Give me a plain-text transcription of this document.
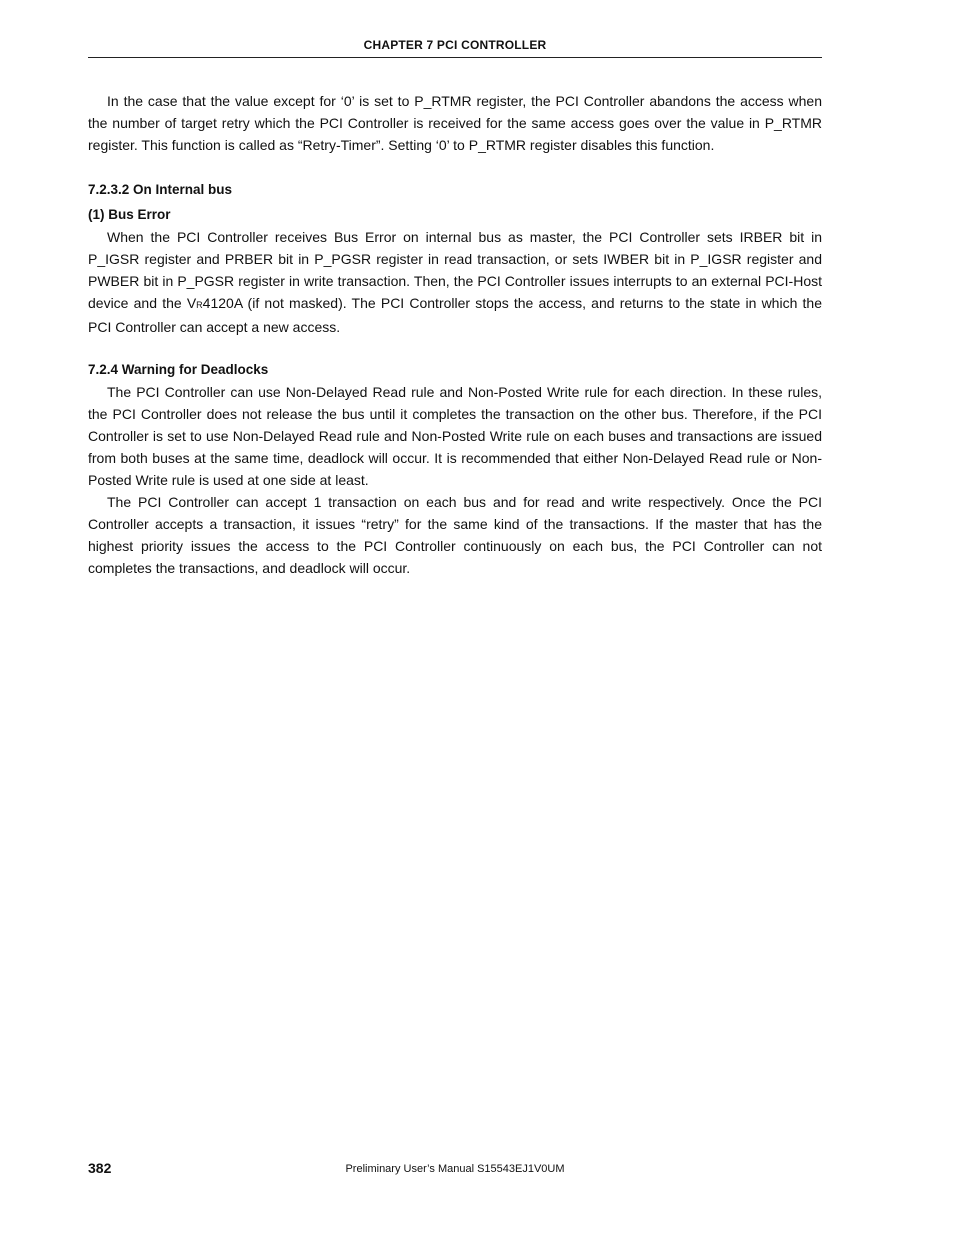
CHAPTER 7 PCI CONTROLLER

In the case that the value except for ‘0’ is set to P_RTMR register, the PCI Controller abandons the access when the number of target retry which the PCI Controller is received for the same access goes over the value in P_RTMR register. This function is called as “Retry-Timer”. Setting ‘0’ to P_RTMR register disables this function.

7.2.3.2 On Internal bus
(1) Bus Error

When the PCI Controller receives Bus Error on internal bus as master, the PCI Controller sets IRBER bit in P_IGSR register and PRBER bit in P_PGSR register in read transaction, or sets IWBER bit in P_IGSR register and PWBER bit in P_PGSR register in write transaction. Then, the PCI Controller issues interrupts to an external PCI-Host device and the VR4120A (if not masked). The PCI Controller stops the access, and returns to the state in which the PCI Controller can accept a new access.

7.2.4 Warning for Deadlocks

The PCI Controller can use Non-Delayed Read rule and Non-Posted Write rule for each direction. In these rules, the PCI Controller does not release the bus until it completes the transaction on the other bus. Therefore, if the PCI Controller is set to use Non-Delayed Read rule and Non-Posted Write rule on each buses and transactions are issued from both buses at the same time, deadlock will occur. It is recommended that either Non-Delayed Read rule or Non-Posted Write rule is used at one side at least.

The PCI Controller can accept 1 transaction on each bus and for read and write respectively. Once the PCI Controller accepts a transaction, it issues “retry” for the same kind of the transactions. If the master that has the highest priority issues the access to the PCI Controller continuously on each bus, the PCI Controller can not completes the transactions, and deadlock will occur.

382	Preliminary User’s Manual S15543EJ1V0UM
